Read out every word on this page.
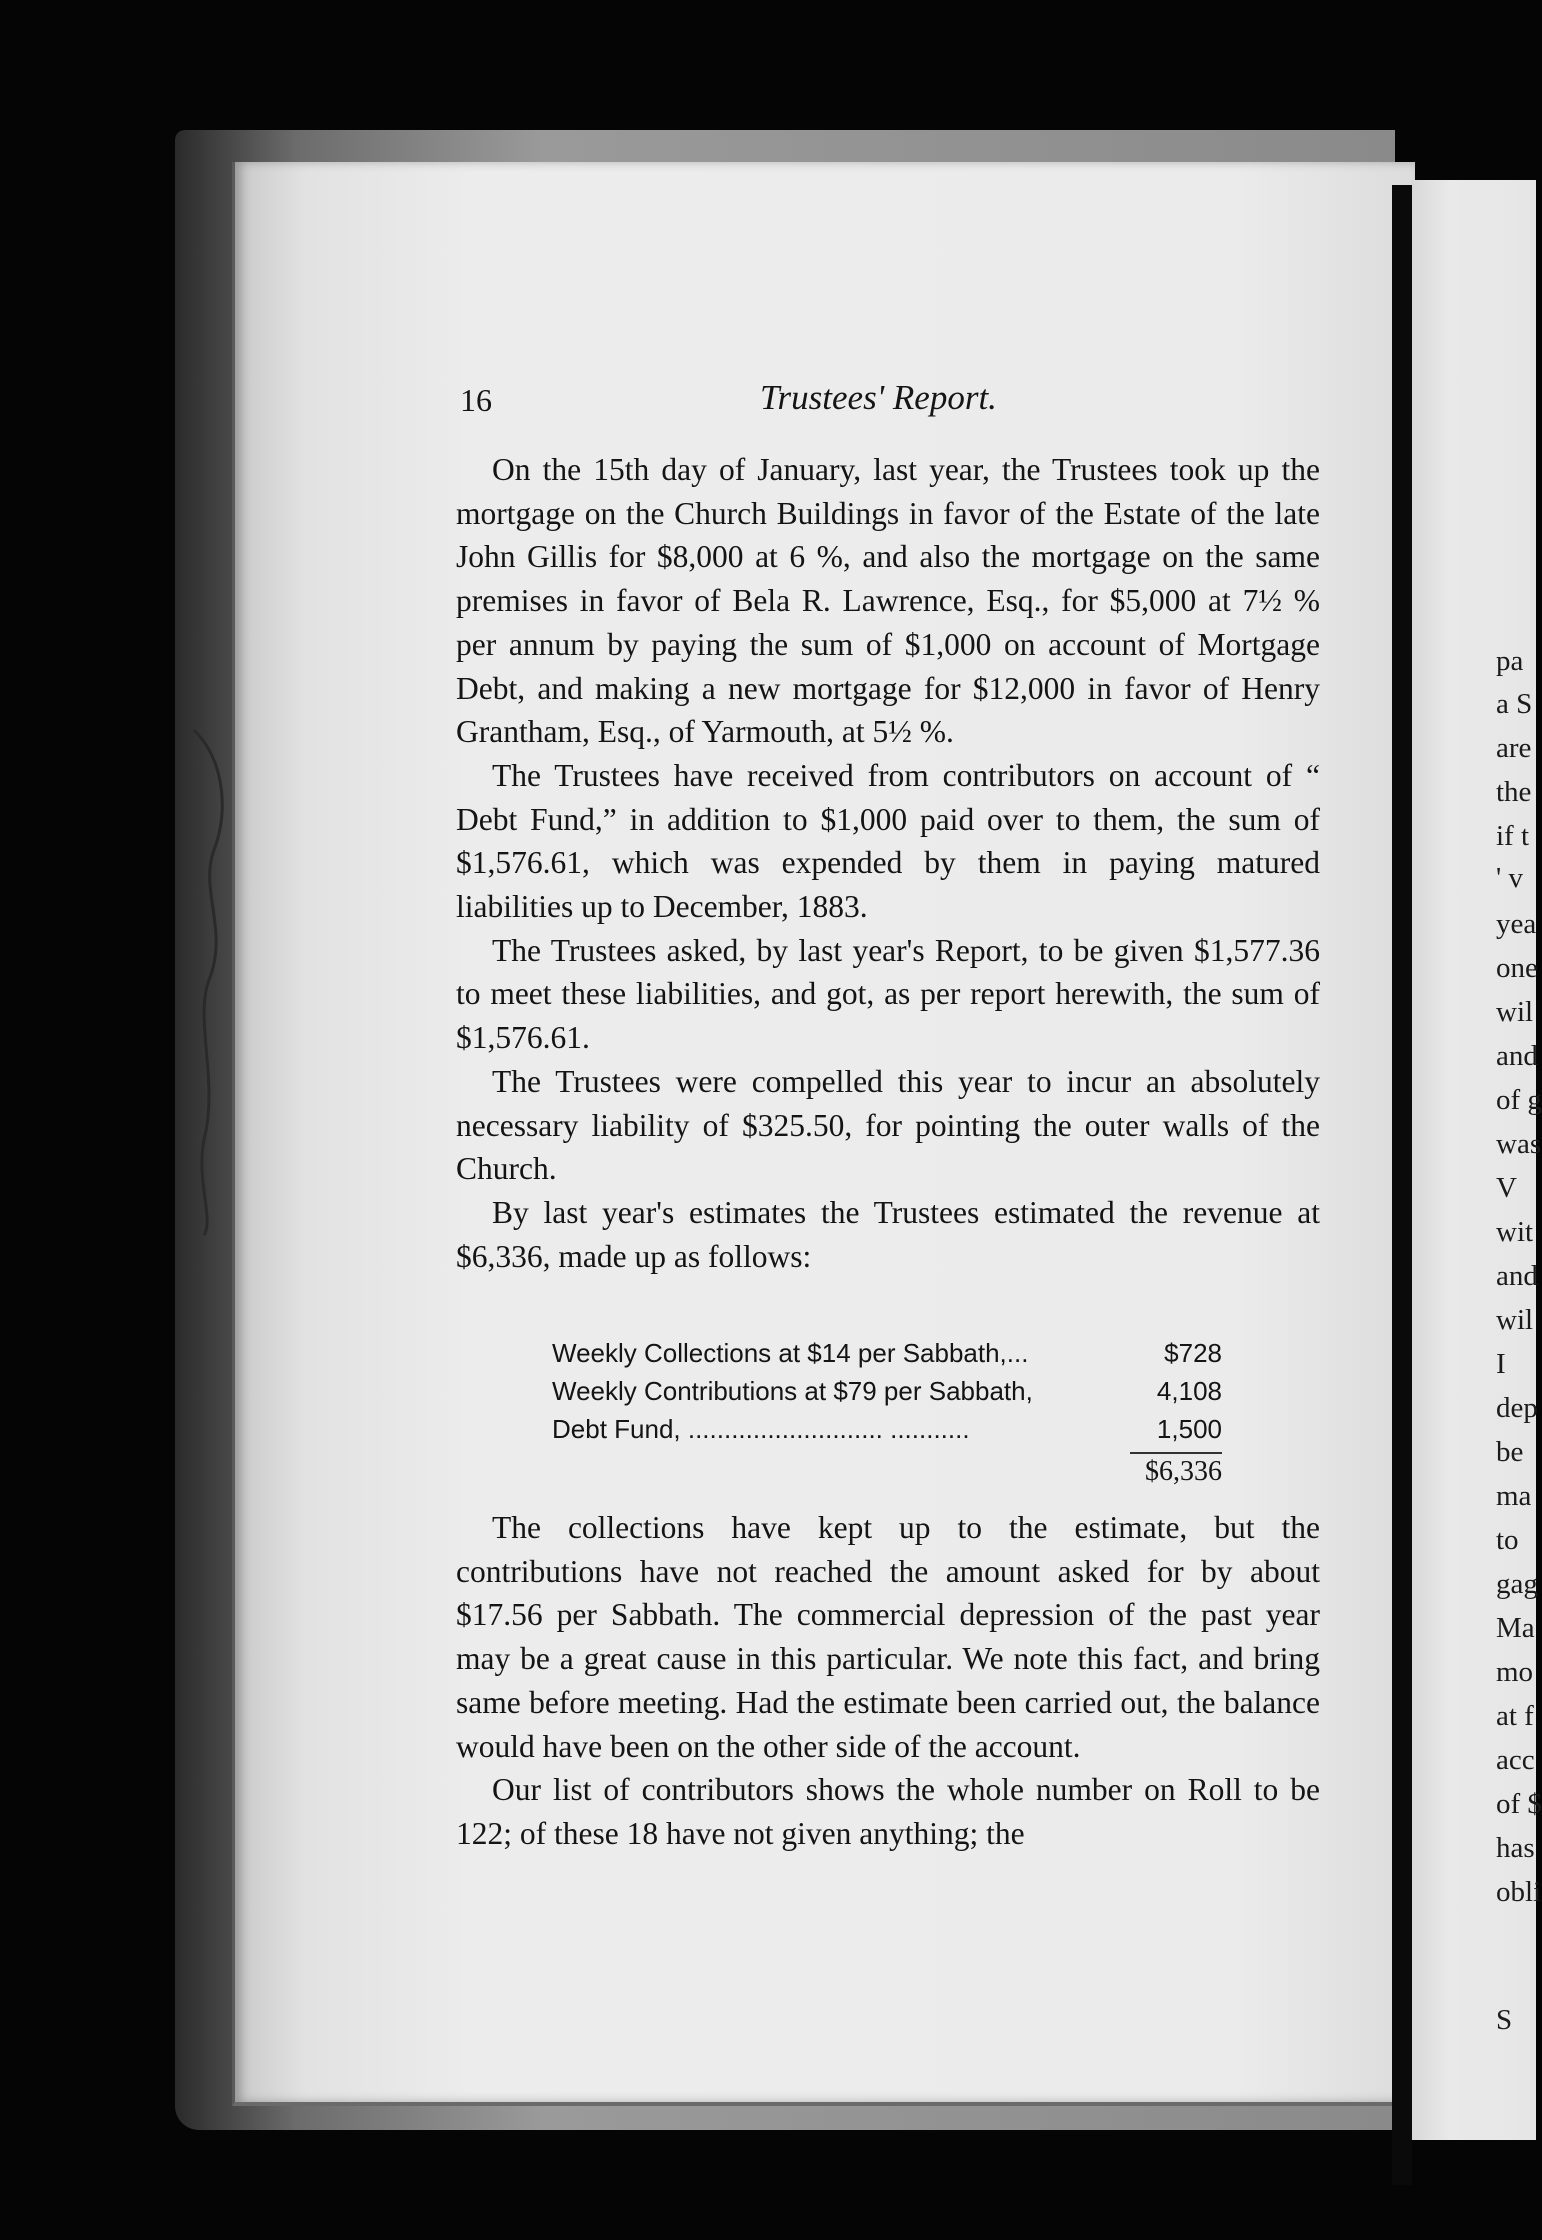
pa
a S
are
the
if t
' v
yea
one
wil
and
of g
was
V
wit
and
wil
I
dep
be
ma
to
gag
Ma
mo
at f
acc
of $
has
obli
S
16	Trustees' Report.

On the 15th day of January, last year, the Trustees took up the mortgage on the Church Buildings in favor of the Estate of the late John Gillis for $8,000 at 6 %, and also the mortgage on the same premises in favor of Bela R. Lawrence, Esq., for $5,000 at 7½ % per annum by paying the sum of $1,000 on account of Mortgage Debt, and making a new mortgage for $12,000 in favor of Henry Grantham, Esq., of Yarmouth, at 5½ %.

The Trustees have received from contributors on account of “ Debt Fund,” in addition to $1,000 paid over to them, the sum of $1,576.61, which was expended by them in paying matured liabilities up to December, 1883.

The Trustees asked, by last year's Report, to be given $1,577.36 to meet these liabilities, and got, as per report herewith, the sum of $1,576.61.

The Trustees were compelled this year to incur an absolutely necessary liability of $325.50, for pointing the outer walls of the Church.

By last year's estimates the Trustees estimated the revenue at $6,336, made up as follows:

Weekly Collections at $14 per Sabbath,...	$728
Weekly Contributions at $79 per Sabbath,	4,108
Debt Fund, ........................... ...........	1,500
$6,336

The collections have kept up to the estimate, but the contributions have not reached the amount asked for by about $17.56 per Sabbath. The commercial depression of the past year may be a great cause in this particular. We note this fact, and bring same before meeting. Had the estimate been carried out, the balance would have been on the other side of the account.

Our list of contributors shows the whole number on Roll to be 122; of these 18 have not given anything; the
